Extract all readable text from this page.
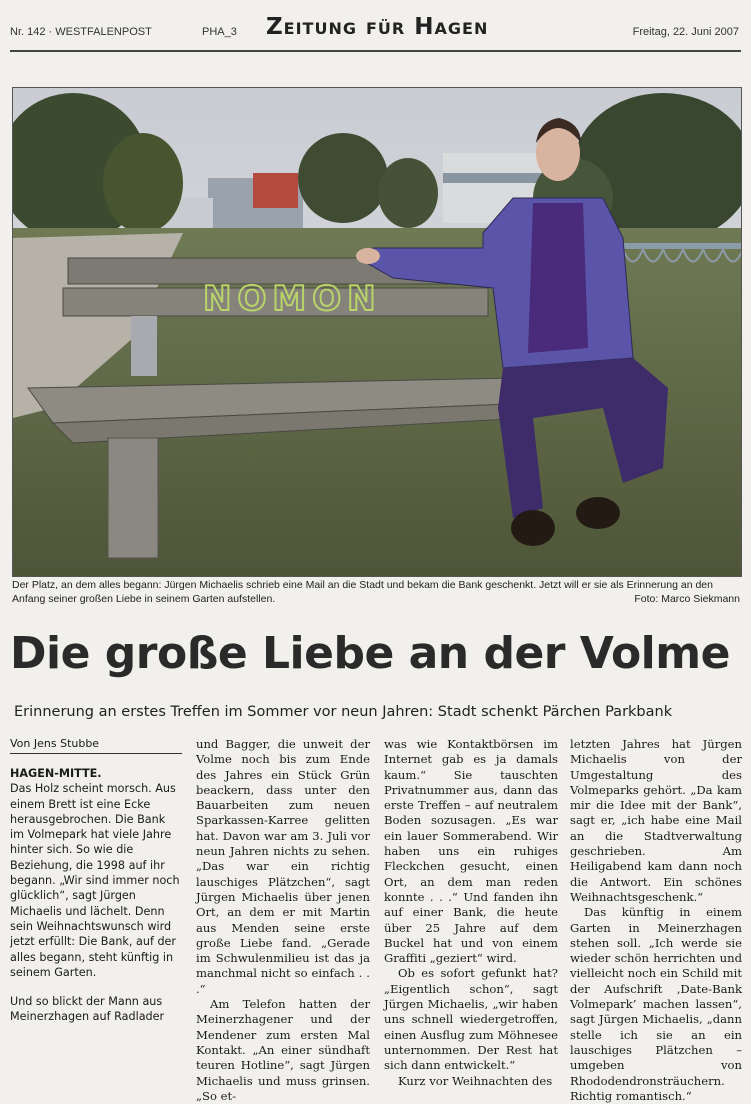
Nr. 142 · WESTFALENPOST	PHA_3 Zeitung für Hagen	Freitag, 22. Juni 2007
NOMON
Der Platz, an dem alles begann: Jürgen Michaelis schrieb eine Mail an die Stadt und bekam die Bank geschenkt. Jetzt will er sie als Erinnerung an den Anfang seiner großen Liebe in seinem Garten aufstellen.	Foto: Marco Siekmann
Die große Liebe an der Volme
Erinnerung an erstes Treffen im Sommer vor neun Jahren: Stadt schenkt Pärchen Parkbank
Von Jens Stubbe

HAGEN-MITTE.

Das Holz scheint morsch. Aus einem Brett ist eine Ecke herausgebrochen. Die Bank im Volmepark hat viele Jahre hinter sich. So wie die Beziehung, die 1998 auf ihr begann. „Wir sind immer noch glücklich“, sagt Jürgen Michaelis und lächelt. Denn sein Weihnachtswunsch wird jetzt erfüllt: Die Bank, auf der alles begann, steht künftig in seinem Garten.

Und so blickt der Mann aus Meinerzhagen auf Radlader

und Bagger, die unweit der Volme noch bis zum Ende des Jahres ein Stück Grün beackern, dass unter den Bauarbeiten zum neuen Sparkassen-Karree gelitten hat. Davon war am 3. Juli vor neun Jahren nichts zu sehen. „Das war ein richtig lauschiges Plätzchen“, sagt Jürgen Michaelis über jenen Ort, an dem er mit Martin aus Menden seine erste große Liebe fand. „Gerade im Schwulenmilieu ist das ja manchmal nicht so einfach . . .“

Am Telefon hatten der Meinerzhagener und der Mendener zum ersten Mal Kontakt. „An einer sündhaft teuren Hotline“, sagt Jürgen Michaelis und muss grinsen. „So et-

was wie Kontaktbörsen im Internet gab es ja damals kaum.“ Sie tauschten Privatnummer aus, dann das erste Treffen – auf neutralem Boden sozusagen. „Es war ein lauer Sommerabend. Wir haben uns ein ruhiges Fleckchen gesucht, einen Ort, an dem man reden konnte . . .“ Und fanden ihn auf einer Bank, die heute über 25 Jahre auf dem Buckel hat und von einem Graffiti „geziert“ wird.

Ob es sofort gefunkt hat? „Eigentlich schon“, sagt Jürgen Michaelis, „wir haben uns schnell wiedergetroffen, einen Ausflug zum Möhnesee unternommen. Der Rest hat sich dann entwickelt.“

Kurz vor Weihnachten des

letzten Jahres hat Jürgen Michaelis von der Umgestaltung des Volmeparks gehört. „Da kam mir die Idee mit der Bank“, sagt er, „ich habe eine Mail an die Stadtverwaltung geschrieben. Am Heiligabend kam dann noch die Antwort. Ein schönes Weihnachtsgeschenk.“

Das künftig in einem Garten in Meinerzhagen stehen soll. „Ich werde sie wieder schön herrichten und vielleicht noch ein Schild mit der Aufschrift ‚Date-Bank Volmepark’ machen lassen“, sagt Jürgen Michaelis, „dann stelle ich sie an ein lauschiges Plätzchen – umgeben von Rhododendronsträuchern. Richtig romantisch.“
